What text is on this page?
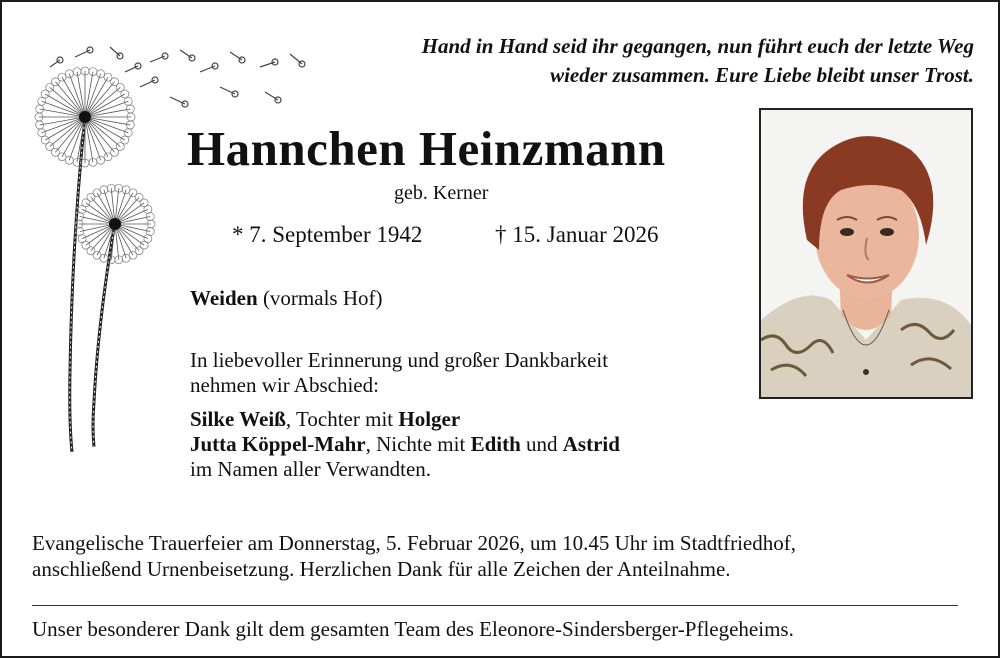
Hand in Hand seid ihr gegangen, nun führt euch der letzte Weg
wieder zusammen. Eure Liebe bleibt unser Trost.
Hannchen Heinzmann
geb. Kerner
* 7. September 1942	† 15. Januar 2026
Weiden (vormals Hof)
In liebevoller Erinnerung und großer Dankbarkeit
nehmen wir Abschied:
Silke Weiß, Tochter mit Holger
Jutta Köppel-Mahr, Nichte mit Edith und Astrid
im Namen aller Verwandten.
Evangelische Trauerfeier am Donnerstag, 5. Februar 2026, um 10.45 Uhr im Stadtfriedhof,
anschließend Urnenbeisetzung. Herzlichen Dank für alle Zeichen der Anteilnahme.
Unser besonderer Dank gilt dem gesamten Team des Eleonore-Sindersberger-Pflegeheims.
